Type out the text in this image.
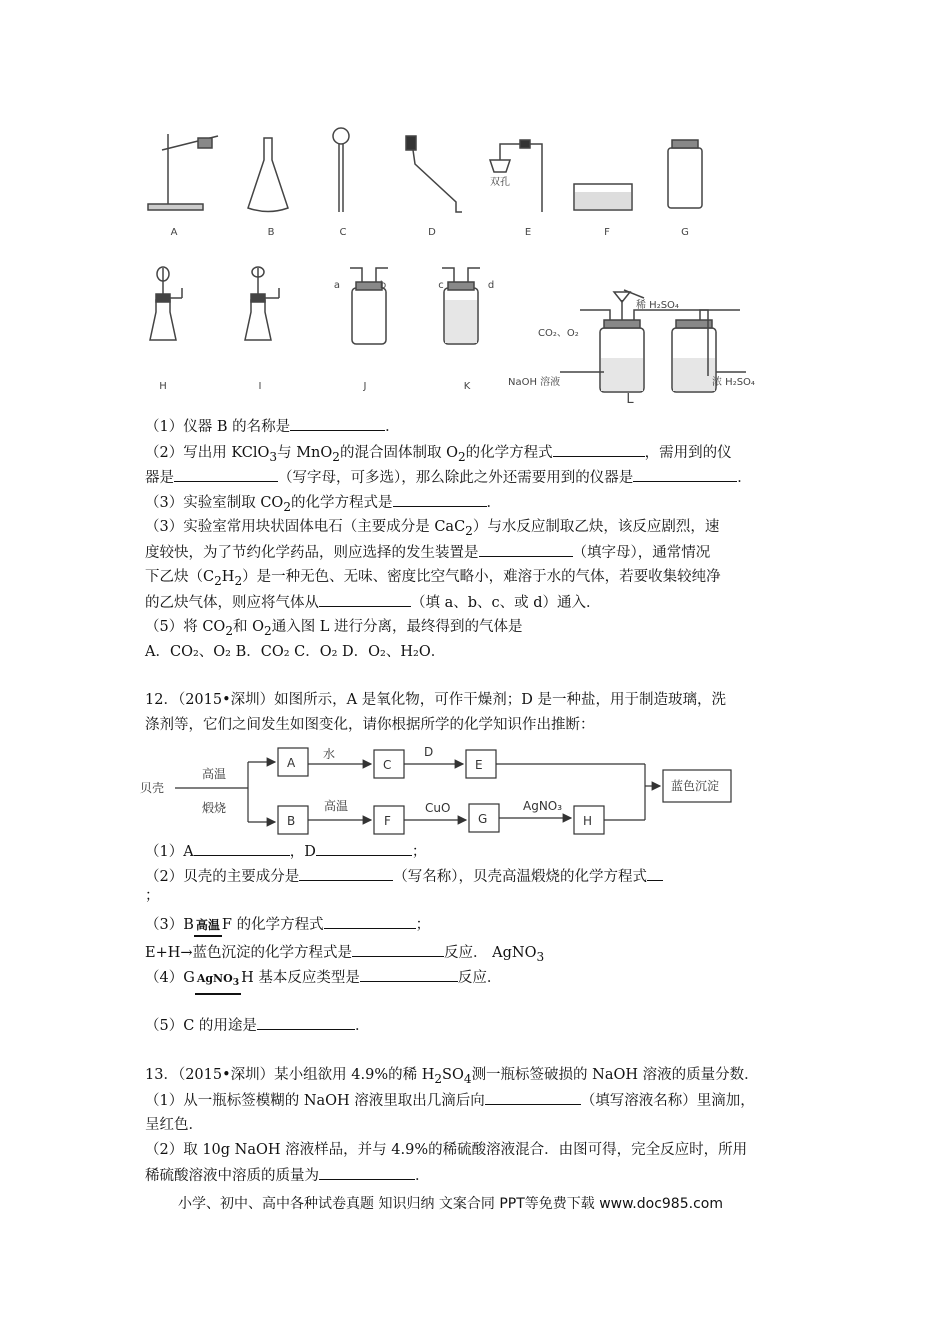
A	B	C	D	E	F	G
双孔
H	I	J	K
a	b	c	d
稀 H₂SO₄
CO₂、O₂
NaOH 溶液	浓 H₂SO₄
L
（1）仪器 B 的名称是	．
（2）写出用 KClO$_3$与 MnO$_2$的混合固体制取 $O_2$的化学方程式	，需用到的仪
器是	（写字母，可多选），那么除此之外还需要用到的仪器是	．
（3）实验室制取 $CO_2$的化学方程式是	．
（3）实验室常用块状固体电石（主要成分是 CaC$_2$）与水反应制取乙炔，该反应剧烈，速
度较快，为了节约化学药品，则应选择的发生装置是	（填字母），通常情况
下乙炔$(C_2H_2)$是一种无色、无味、密度比空气略小，难溶于水的气体，若要收集较纯净
的乙炔气体，则应将气体从	（填 a、b、c、或 d）通入．
（5）将 $CO_2$和 $O_2$通入图 L 进行分离，最终得到的气体是
A．CO₂、O₂ B．CO₂ C．O₂ D．O₂、H₂O．
12．（2015•深圳）如图所示，A 是氧化物，可作干燥剂；D 是一种盐，用于制造玻璃，洗
涤剂等，它们之间发生如图变化，请你根据所学的化学知识作出推断：
贝壳
高温
煅烧
A	C	E
B	F	G	H
水	D
高温	CuO	AgNO₃
蓝色沉淀
（1）A	，D	；
（2）贝壳的主要成分是	（写名称），贝壳高温煅烧的化学方程式
；
（3）B 高温 F 的化学方程式	；
E+H→蓝色沉淀的化学方程式是	反应． AgNO$_3$
（4）G AgNO$_3$ H 基本反应类型是	反应．
（5）C 的用途是	．
13．（2015•深圳）某小组欲用 4.9%的稀 $H_2SO_4$测一瓶标签破损的 NaOH 溶液的质量分数．
（1）从一瓶标签模糊的 NaOH 溶液里取出几滴后向	（填写溶液名称）里滴加，
呈红色．
（2）取 10g NaOH 溶液样品，并与 4.9%的稀硫酸溶液混合．由图可得，完全反应时，所用
稀硫酸溶液中溶质的质量为	．
小学、初中、高中各种试卷真题 知识归纳 文案合同 PPT等免费下载 www.doc985.com
